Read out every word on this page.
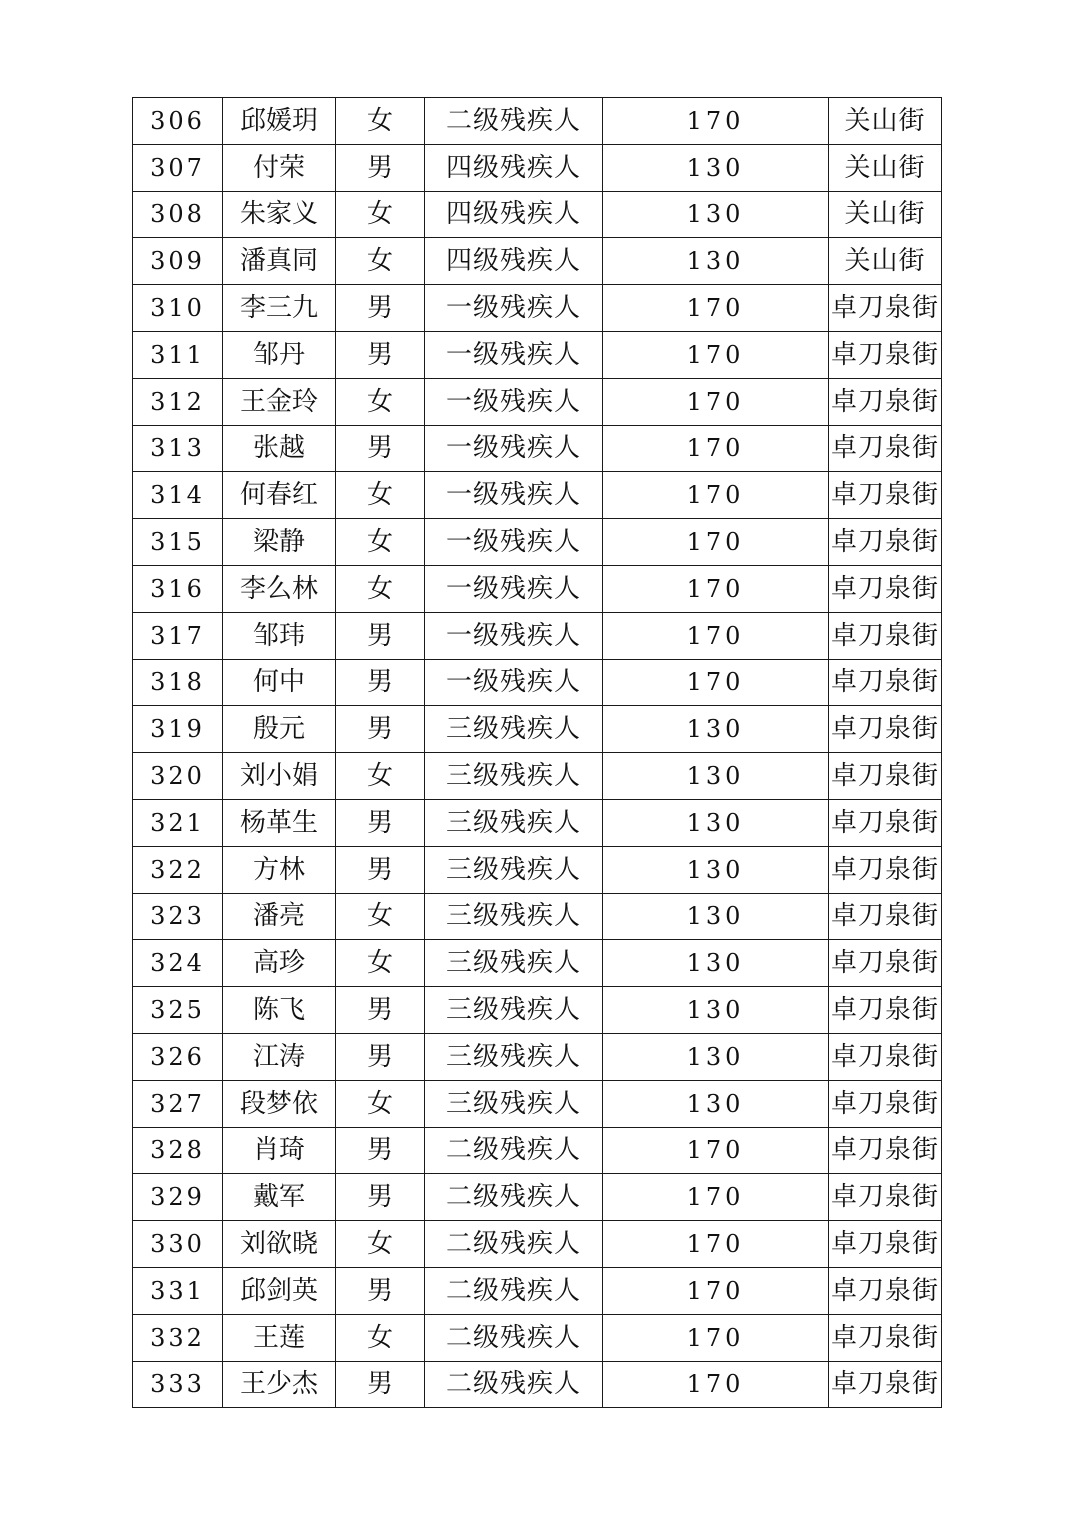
306	邱媛玥	女	二级残疾人	170	关山街
307	付荣	男	四级残疾人	130	关山街
308	朱家义	女	四级残疾人	130	关山街
309	潘真同	女	四级残疾人	130	关山街
310	李三九	男	一级残疾人	170	卓刀泉街
311	邹丹	男	一级残疾人	170	卓刀泉街
312	王金玲	女	一级残疾人	170	卓刀泉街
313	张越	男	一级残疾人	170	卓刀泉街
314	何春红	女	一级残疾人	170	卓刀泉街
315	梁静	女	一级残疾人	170	卓刀泉街
316	李么林	女	一级残疾人	170	卓刀泉街
317	邹玮	男	一级残疾人	170	卓刀泉街
318	何中	男	一级残疾人	170	卓刀泉街
319	殷元	男	三级残疾人	130	卓刀泉街
320	刘小娟	女	三级残疾人	130	卓刀泉街
321	杨革生	男	三级残疾人	130	卓刀泉街
322	方林	男	三级残疾人	130	卓刀泉街
323	潘亮	女	三级残疾人	130	卓刀泉街
324	高珍	女	三级残疾人	130	卓刀泉街
325	陈飞	男	三级残疾人	130	卓刀泉街
326	江涛	男	三级残疾人	130	卓刀泉街
327	段梦依	女	三级残疾人	130	卓刀泉街
328	肖琦	男	二级残疾人	170	卓刀泉街
329	戴军	男	二级残疾人	170	卓刀泉街
330	刘欲晓	女	二级残疾人	170	卓刀泉街
331	邱剑英	男	二级残疾人	170	卓刀泉街
332	王莲	女	二级残疾人	170	卓刀泉街
333	王少杰	男	二级残疾人	170	卓刀泉街
